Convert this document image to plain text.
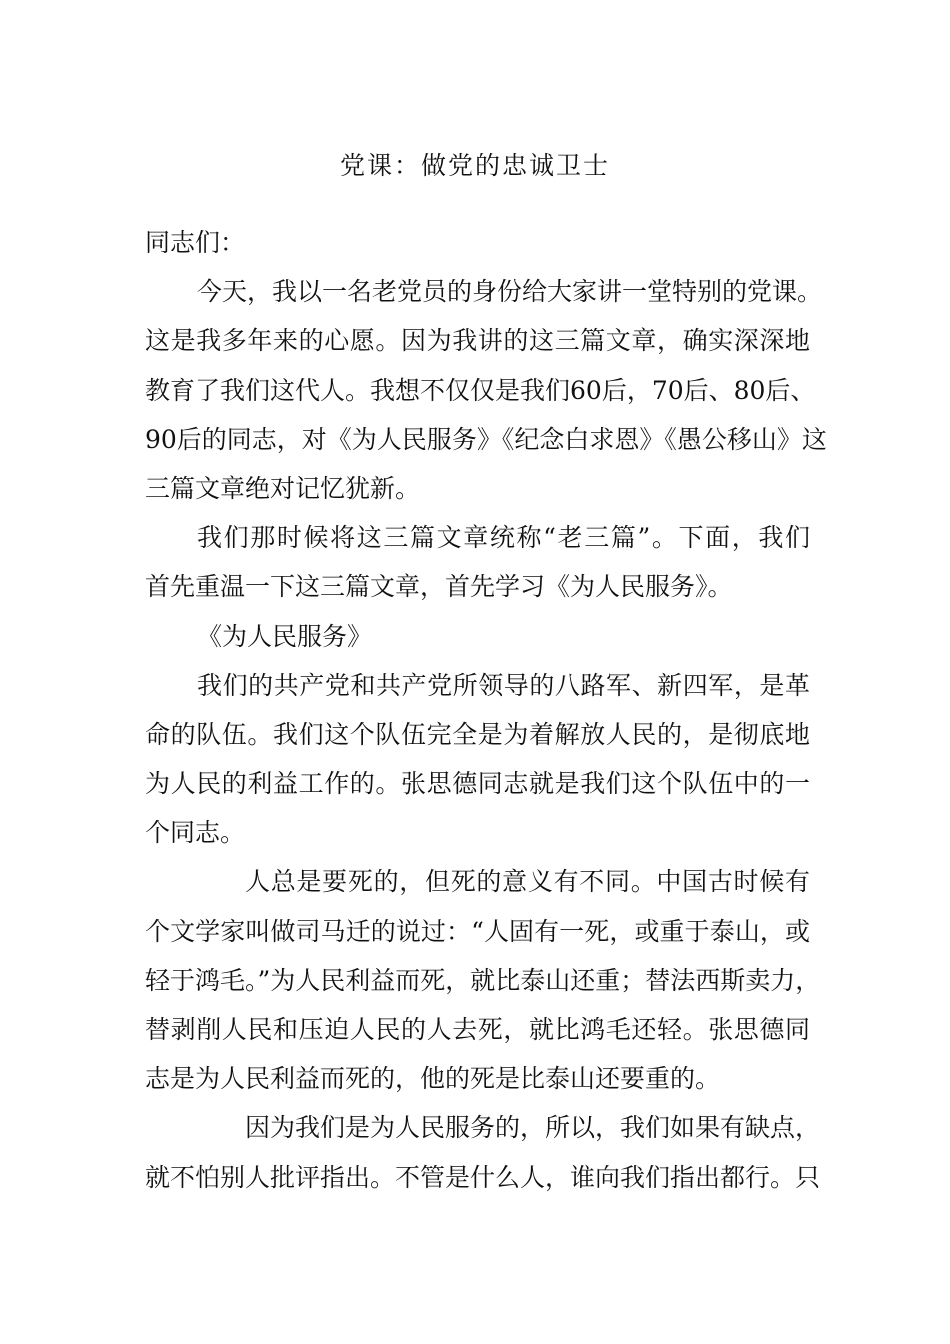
党课：做党的忠诚卫士
同志们：
今天，我以一名老党员的身份给大家讲一堂特别的党课。
这是我多年来的心愿。因为我讲的这三篇文章，确实深深地
教育了我们这代人。我想不仅仅是我们60后，70后、80后、
90后的同志，对《为人民服务》《纪念白求恩》《愚公移山》这
三篇文章绝对记忆犹新。
我们那时候将这三篇文章统称“老三篇”。下面，我们
首先重温一下这三篇文章，首先学习《为人民服务》。
《为人民服务》
我们的共产党和共产党所领导的八路军、新四军，是革
命的队伍。我们这个队伍完全是为着解放人民的，是彻底地
为人民的利益工作的。张思德同志就是我们这个队伍中的一
个同志。
人总是要死的，但死的意义有不同。中国古时候有
个文学家叫做司马迁的说过：“人固有一死，或重于泰山，或
轻于鸿毛。”为人民利益而死，就比泰山还重；替法西斯卖力，
替剥削人民和压迫人民的人去死，就比鸿毛还轻。张思德同
志是为人民利益而死的，他的死是比泰山还要重的。
因为我们是为人民服务的，所以，我们如果有缺点，
就不怕别人批评指出。不管是什么人，谁向我们指出都行。只
